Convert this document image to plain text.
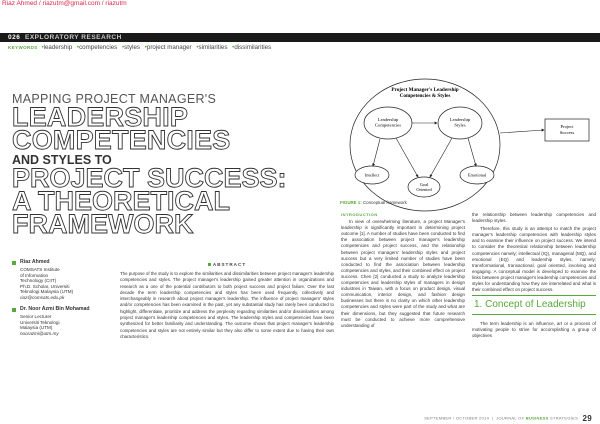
Riaz Ahmed / riazutm@gmail.com / riazutm
026 EXPLORATORY RESEARCH
KEYWORDS •leadership •competencies •styles •project manager •similarities •dissimilarities
MAPPING PROJECT MANAGER'S
LEADERSHIP
COMPETENCIES
AND STYLES TO
PROJECT SUCCESS:
A THEORETICAL
FRAMEWORK
Riaz Ahmed
COMSATS Institute
of Information
Technology (CIIT)
Ph.D. Scholar, Universiti
Teknologi Malaysia (UTM)
riaz@comsats.edu.pk
Dr. Noor Azmi Bin Mohamad
Senior Lecturer
Universiti Teknologi
Malaysia (UTM)
noorazmi@utm.my
ABSTRACT

The purpose of the study is to explore the similarities and dissimilarities between project manager's leadership competencies and styles. The project manager's leadership gained greater attention in organizations and research as a one of the potential contributors to both project success and project failure. Over the last decade the term leadership competencies and styles has been used frequently, collectively and interchangeably in research about project manager's leadership. The influence of project managers' styles and/or competencies has been examined in the past, yet any substantial study has rarely been conducted to highlight, differentiate, prioritize and address the perplexity regarding similarities and/or dissimilarities among project manager's leadership competencies and styles. The leadership styles and competencies have been synthesized for better familiarity and understanding. The outcome shows that project manager's leadership competencies and styles are not entirely similar but they also differ to some extent due to having their own characteristics.

Project Manager's Leadership Competencies & Styles
Leadership Competencies
Leadership Styles
Intellect
Goal Oriented
Emotional
Project Success
FIGURE 1: Conceptual framework
INTRODUCTION

In view of overwhelming literature, a project Manager's leadership is significantly important in determining project outcome [1]. A number of studies have been conducted to find the association between project manager's leadership competencies and project success, and the relationship between project managers' leadership styles and project success but a very limited number of studies have been conducted to find the association between leadership competencies and styles, and their combined effect on project success. Chen [2] conducted a study to analyze leadership competencies and leadership styles of managers in design industries in Taiwan, with a focus on product design, visual communication, interior design, and fashion design businesses but there is no clarity on which other leadership competencies and styles were part of the study and what are their dimensions, but they suggested that future research must be conducted to achieve more comprehensive understanding of

the relationship between leadership competencies and leadership styles.

Therefore, this study is an attempt to match the project manager's leadership competencies with leadership styles and to examine their influence on project success. We intend to consider the theoretical relationship between leadership competencies namely; intellectual (IQ), managerial (MQ), and emotional (EQ) and leadership styles, namely; transformational, transactional, goal oriented, involving and engaging. A conceptual model is developed to examine the links between project manager's leadership competencies and styles for understanding how they are interrelated and what is their combined effect on project success.

1. Concept of Leadership

The term leadership is an influence, art or a process of motivating people to strive for accomplishing a group of objectives

SEPTEMBER / OCTOBER 2014  |  JOURNAL OF BUSINESS STRATEGIES 29
